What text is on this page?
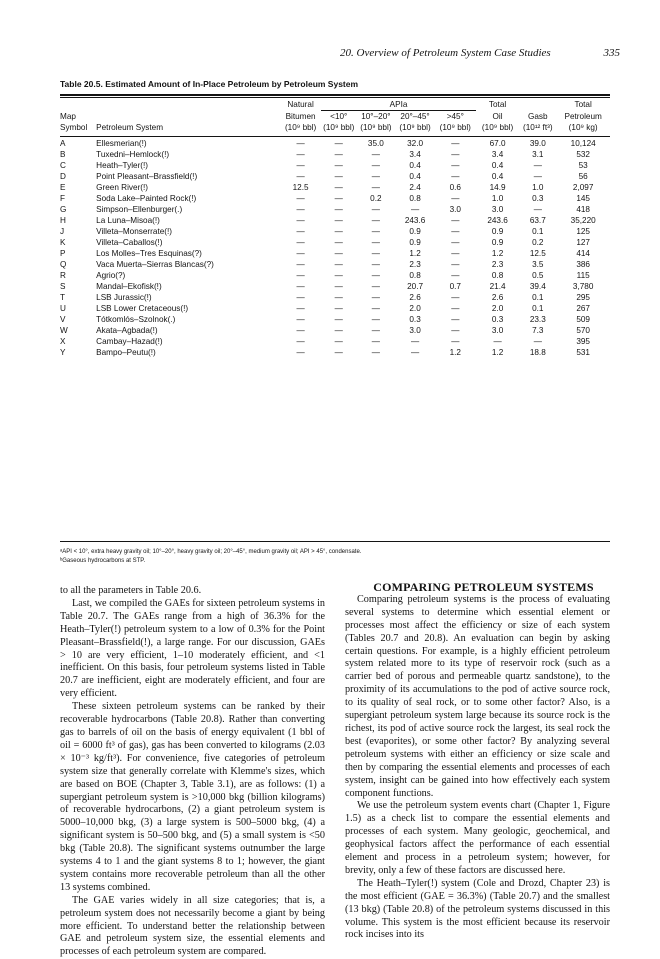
20. Overview of Petroleum System Case Studies	335
Table 20.5. Estimated Amount of In-Place Petroleum by Petroleum System
		Natural	APIa				Total		Total
Map		Bitumen	<10°	10°–20°	20°–45°	>45°	Oil	Gasb	Petroleum
Symbol	Petroleum System	(10⁹ bbl)	(10⁹ bbl)	(10⁹ bbl)	(10⁹ bbl)	(10⁹ bbl)	(10⁹ bbl)	(10¹² ft³)	(10⁹ kg)
A	Ellesmerian(!)	—	—	35.0	32.0	—	67.0	39.0	10,124
B	Tuxedni–Hemlock(!)	—	—	—	3.4	—	3.4	3.1	532
C	Heath–Tyler(!)	—	—	—	0.4	—	0.4	—	53
D	Point Pleasant–Brassfield(!)	—	—	—	0.4	—	0.4	—	56
E	Green River(!)	12.5	—	—	2.4	0.6	14.9	1.0	2,097
F	Soda Lake–Painted Rock(!)	—	—	0.2	0.8	—	1.0	0.3	145
G	Simpson–Ellenburger(.)	—	—	—	—	3.0	3.0	—	418
H	La Luna–Misoa(!)	—	—	—	243.6	—	243.6	63.7	35,220
J	Villeta–Monserrate(!)	—	—	—	0.9	—	0.9	0.1	125
K	Villeta–Caballos(!)	—	—	—	0.9	—	0.9	0.2	127
P	Los Molles–Tres Esquinas(?)	—	—	—	1.2	—	1.2	12.5	414
Q	Vaca Muerta–Sierras Blancas(?)	—	—	—	2.3	—	2.3	3.5	386
R	Agrio(?)	—	—	—	0.8	—	0.8	0.5	115
S	Mandal–Ekofisk(!)	—	—	—	20.7	0.7	21.4	39.4	3,780
T	LSB Jurassic(!)	—	—	—	2.6	—	2.6	0.1	295
U	LSB Lower Cretaceous(!)	—	—	—	2.0	—	2.0	0.1	267
V	Tótkomlós–Szolnok(.)	—	—	—	0.3	—	0.3	23.3	509
W	Akata–Agbada(!)	—	—	—	3.0	—	3.0	7.3	570
X	Cambay–Hazad(!)	—	—	—	—	—	—	—	395
Y	Bampo–Peutu(!)	—	—	—	—	1.2	1.2	18.8	531
ᵃAPI < 10°, extra heavy gravity oil; 10°–20°, heavy gravity oil; 20°–45°, medium gravity oil; API > 45°, condensate.
ᵇGaseous hydrocarbons at STP.

to all the parameters in Table 20.6.

Last, we compiled the GAEs for sixteen petroleum systems in Table 20.7. The GAEs range from a high of 36.3% for the Heath–Tyler(!) petroleum system to a low of 0.3% for the Point Pleasant–Brassfield(!), a large range. For our discussion, GAEs > 10 are very efficient, 1–10 moderately efficient, and <1 inefficient. On this basis, four petroleum systems listed in Table 20.7 are inefficient, eight are moderately efficient, and four are very efficient.

These sixteen petroleum systems can be ranked by their recoverable hydrocarbons (Table 20.8). Rather than converting gas to barrels of oil on the basis of energy equivalent (1 bbl of oil = 6000 ft³ of gas), gas has been converted to kilograms (2.03 × 10⁻³ kg/ft³). For convenience, five categories of petroleum system size that generally correlate with Klemme's sizes, which are based on BOE (Chapter 3, Table 3.1), are as follows: (1) a supergiant petroleum system is >10,000 bkg (billion kilograms) of recoverable hydrocarbons, (2) a giant petroleum system is 5000–10,000 bkg, (3) a large system is 500–5000 bkg, (4) a significant system is 50–500 bkg, and (5) a small system is <50 bkg (Table 20.8). The significant systems outnumber the large systems 4 to 1 and the giant systems 8 to 1; however, the giant system contains more recoverable petroleum than all the other 13 systems combined.

The GAE varies widely in all size categories; that is, a petroleum system does not necessarily become a giant by being more efficient. To understand better the relationship between GAE and petroleum system size, the essential elements and processes of each petroleum system are compared.

COMPARING PETROLEUM SYSTEMS

Comparing petroleum systems is the process of evaluating several systems to determine which essential element or processes most affect the efficiency or size of each system (Tables 20.7 and 20.8). An evaluation can begin by asking certain questions. For example, is a highly efficient petroleum system related more to its type of reservoir rock (such as a carrier bed of porous and permeable quartz sandstone), to the proximity of its accumulations to the pod of active source rock, to its quality of seal rock, or to some other factor? Also, is a supergiant petroleum system large because its source rock is the richest, its pod of active source rock the largest, its seal rock the best (evaporites), or some other factor? By analyzing several petroleum systems with either an efficiency or size scale and then by comparing the essential elements and processes of each system, insight can be gained into how effectively each system component functions.

We use the petroleum system events chart (Chapter 1, Figure 1.5) as a check list to compare the essential elements and processes of each system. Many geologic, geochemical, and geophysical factors affect the performance of each essential element and process in a petroleum system; however, for brevity, only a few of these factors are discussed here.

The Heath–Tyler(!) system (Cole and Drozd, Chapter 23) is the most efficient (GAE = 36.3%) (Table 20.7) and the smallest (13 bkg) (Table 20.8) of the petroleum systems discussed in this volume. This system is the most efficient because its reservoir rock incises into its
